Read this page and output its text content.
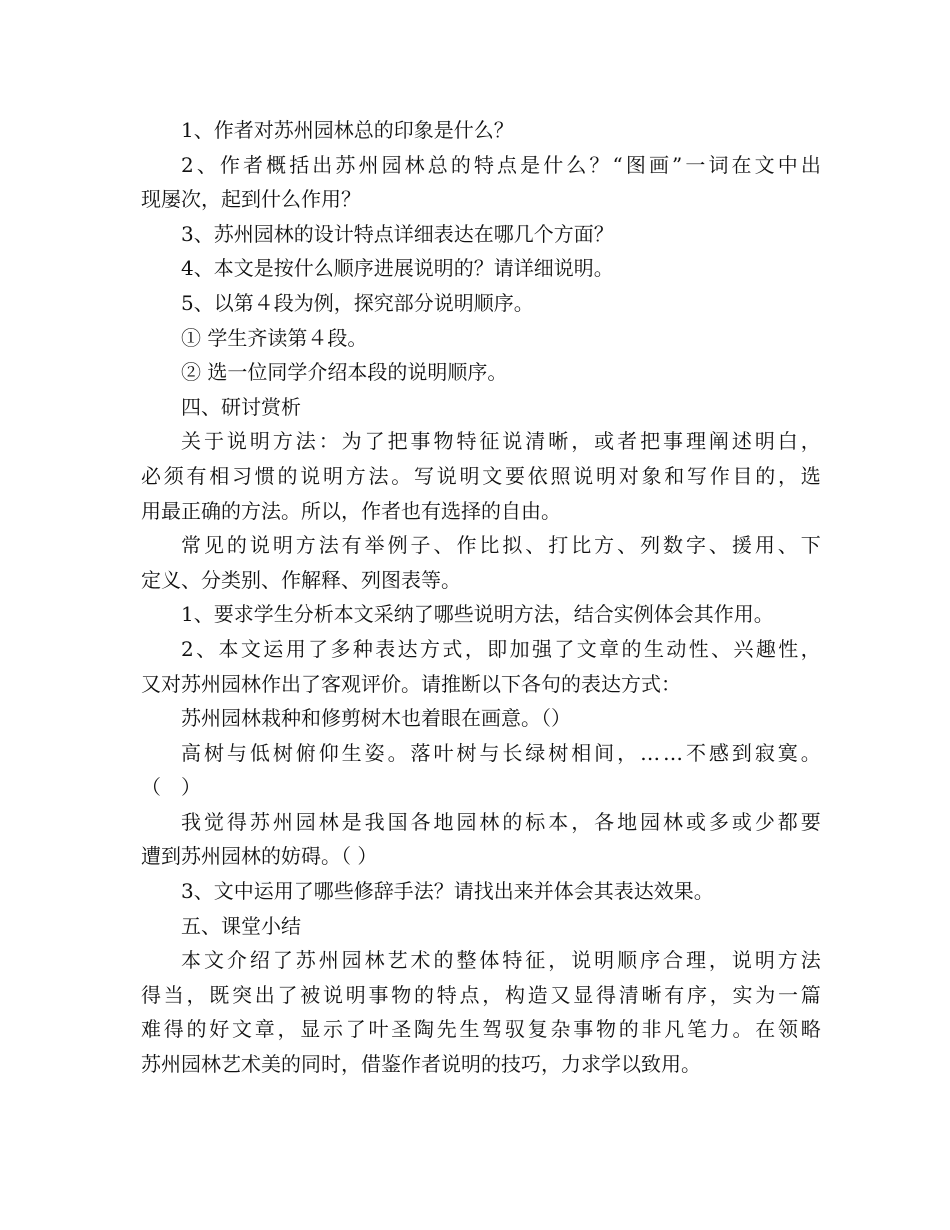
1、作者对苏州园林总的印象是什么？
2 、 作 者 概 括 出 苏 州 园 林 总 的 特 点 是 什 么 ？ “ 图 画 ” 一 词 在 文 中 出
现屡次，起到什么作用？
3、苏州园林的设计特点详细表达在哪几个方面？
4、本文是按什么顺序进展说明的？请详细说明。
5、以第４段为例，探究部分说明顺序。
① 学生齐读第４段。
② 选一位同学介绍本段的说明顺序。
四、研讨赏析
关 于 说 明 方 法 ： 为 了 把 事 物 特 征 说 清 晰 ， 或 者 把 事 理 阐 述 明 白 ，
必 须 有 相 习 惯 的 说 明 方 法 。 写 说 明 文 要 依 照 说 明 对 象 和 写 作 目 的 ， 选
用最正确的方法。所以，作者也有选择的自由。
常 见 的 说 明 方 法 有 举 例 子 、 作 比 拟 、 打 比 方 、 列 数 字 、 援 用 、 下
定义、分类别、作解释、列图表等。
1、要求学生分析本文采纳了哪些说明方法，结合实例体会其作用。
2 、 本 文 运 用 了 多 种 表 达 方 式 ， 即 加 强 了 文 章 的 生 动 性 、 兴 趣 性 ，
又对苏州园林作出了客观评价。请推断以下各句的表达方式：
苏州园林栽种和修剪树木也着眼在画意。（）
高 树 与 低 树 俯 仰 生 姿 。 落 叶 树 与 长 绿 树 相 间 ， … … 不 感 到 寂 寞 。
（　）
我 觉 得 苏 州 园 林 是 我 国 各 地 园 林 的 标 本 ， 各 地 园 林 或 多 或 少 都 要
遭到苏州园林的妨碍。（ ）
3、文中运用了哪些修辞手法？请找出来并体会其表达效果。
五、课堂小结
本 文 介 绍 了 苏 州 园 林 艺 术 的 整 体 特 征 ， 说 明 顺 序 合 理 ， 说 明 方 法
得 当 ， 既 突 出 了 被 说 明 事 物 的 特 点 ， 构 造 又 显 得 清 晰 有 序 ， 实 为 一 篇
难 得 的 好 文 章 ， 显 示 了 叶 圣 陶 先 生 驾 驭 复 杂 事 物 的 非 凡 笔 力 。 在 领 略
苏州园林艺术美的同时，借鉴作者说明的技巧，力求学以致用。
